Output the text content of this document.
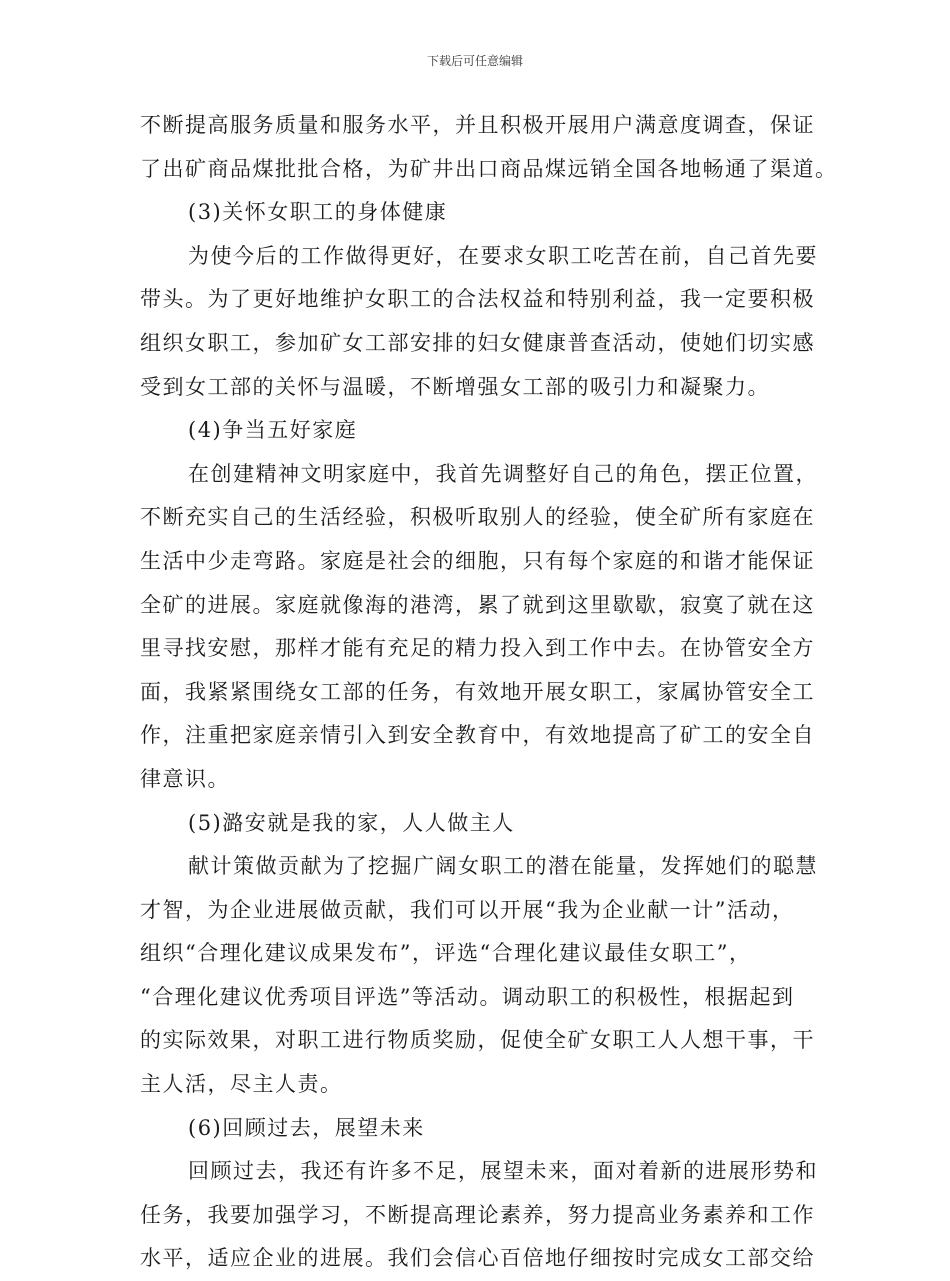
下载后可任意编辑
不断提高服务质量和服务水平，并且积极开展用户满意度调查，保证
了出矿商品煤批批合格，为矿井出口商品煤远销全国各地畅通了渠道。
(3)关怀女职工的身体健康
为使今后的工作做得更好，在要求女职工吃苦在前，自己首先要
带头。为了更好地维护女职工的合法权益和特别利益，我一定要积极
组织女职工，参加矿女工部安排的妇女健康普查活动，使她们切实感
受到女工部的关怀与温暖，不断增强女工部的吸引力和凝聚力。
(4)争当五好家庭
在创建精神文明家庭中，我首先调整好自己的角色，摆正位置，
不断充实自己的生活经验，积极听取别人的经验，使全矿所有家庭在
生活中少走弯路。家庭是社会的细胞，只有每个家庭的和谐才能保证
全矿的进展。家庭就像海的港湾，累了就到这里歇歇，寂寞了就在这
里寻找安慰，那样才能有充足的精力投入到工作中去。在协管安全方
面，我紧紧围绕女工部的任务，有效地开展女职工，家属协管安全工
作，注重把家庭亲情引入到安全教育中，有效地提高了矿工的安全自
律意识。
(5)潞安就是我的家，人人做主人
献计策做贡献为了挖掘广阔女职工的潜在能量，发挥她们的聪慧
才智，为企业进展做贡献，我们可以开展“我为企业献一计”活动，
组织“合理化建议成果发布”，评选“合理化建议最佳女职工”，
“合理化建议优秀项目评选”等活动。调动职工的积极性，根据起到
的实际效果，对职工进行物质奖励，促使全矿女职工人人想干事，干
主人活，尽主人责。
(6)回顾过去，展望未来
回顾过去，我还有许多不足，展望未来，面对着新的进展形势和
任务，我要加强学习，不断提高理论素养，努力提高业务素养和工作
水平，适应企业的进展。我们会信心百倍地仔细按时完成女工部交给
